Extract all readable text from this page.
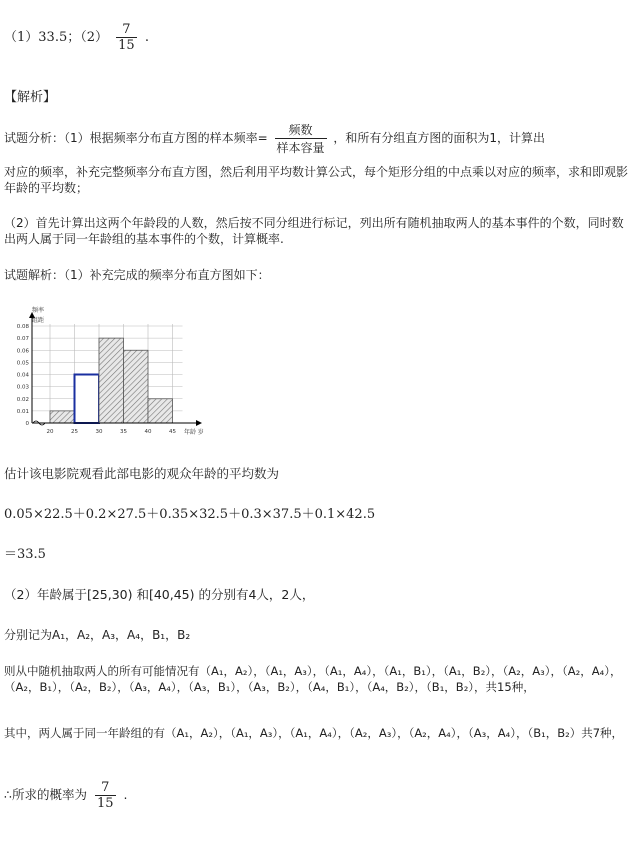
（1）33.5；$(2) \frac{7}{15}$ .
【解析】
试题分析：（1）根据频率分布直方图的样本频率= $\frac{\text{频数}}{\text{样本容量}}$ ，和所有分组直方图的面积为1，计算出
对应的频率，补充完整频率分布直方图，然后利用平均数计算公式，每个矩形分组的中点乘以对应的频率，求和即观影年龄的平均数；
（2）首先计算出这两个年龄段的人数，然后按不同分组进行标记，列出所有随机抽取两人的基本事件的个数，同时数出两人属于同一年龄组的基本事件的个数，计算概率.
试题解析：（1）补充完成的频率分布直方图如下：
0
0.01
0.02
0.03
0.04
0.05
0.06
0.07
0.08
20	25	30	35	40	45
频率
组距
年龄 岁
估计该电影院观看此部电影的观众年龄的平均数为
0.05×22.5＋0.2×27.5＋0.35×32.5＋0.3×37.5＋0.1×42.5
＝33.5
（2）年龄属于[25,30) 和[40,45) 的分别有4人，2人，
分别记为A₁，A₂，A₃，A₄，B₁，B₂
则从中随机抽取两人的所有可能情况有（A₁，A₂），（A₁，A₃），（A₁，A₄），（A₁，B₁），（A₁，B₂），（A₂，A₃），（A₂，A₄），（A₂，B₁），（A₂，B₂），（A₃，A₄），（A₃，B₁），（A₃，B₂），（A₄，B₁），（A₄，B₂），（B₁，B₂），共15种，
其中，两人属于同一年龄组的有（A₁，A₂），（A₁，A₃），（A₁，A₄），（A₂，A₃），（A₂，A₄），（A₃，A₄），（B₁，B₂）共7种，
∴所求的概率为 $\frac{7}{15}$ .
